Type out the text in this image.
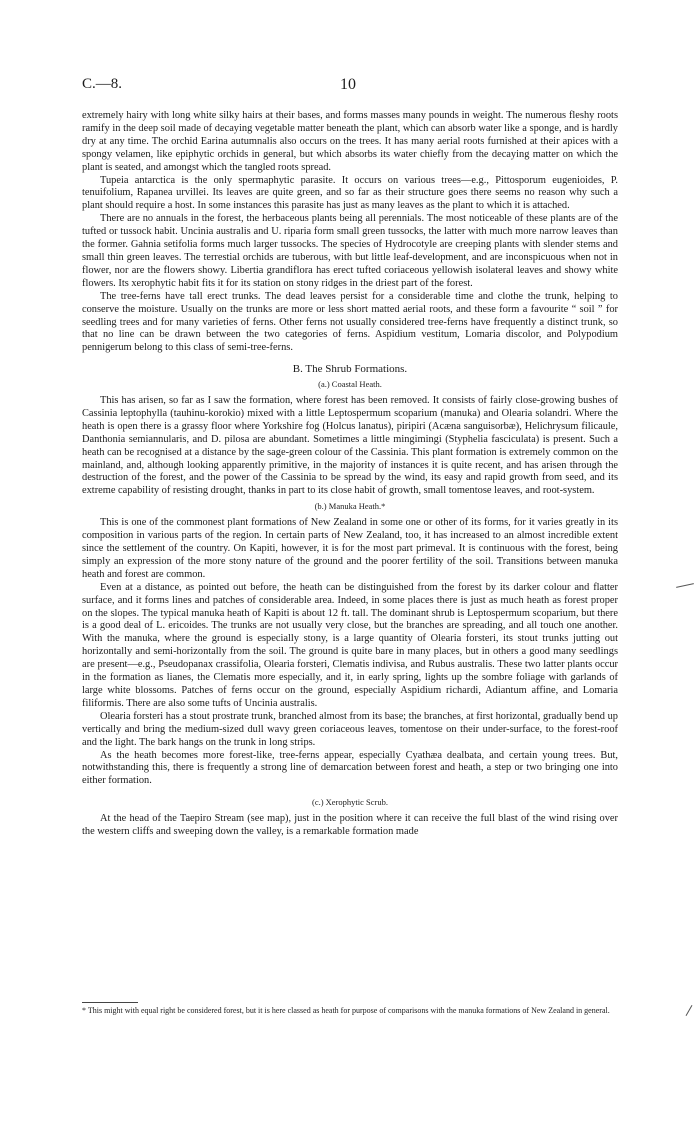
C.—8.	10

extremely hairy with long white silky hairs at their bases, and forms masses many pounds in weight. The numerous fleshy roots ramify in the deep soil made of decaying vegetable matter beneath the plant, which can absorb water like a sponge, and is hardly dry at any time. The orchid Earina autumnalis also occurs on the trees. It has many aerial roots furnished at their apices with a spongy velamen, like epiphytic orchids in general, but which absorbs its water chiefly from the decaying matter on which the plant is seated, and amongst which the tangled roots spread.

Tupeia antarctica is the only spermaphytic parasite. It occurs on various trees—e.g., Pittosporum eugenioides, P. tenuifolium, Rapanea urvillei. Its leaves are quite green, and so far as their structure goes there seems no reason why such a plant should require a host. In some instances this parasite has just as many leaves as the plant to which it is attached.

There are no annuals in the forest, the herbaceous plants being all perennials. The most noticeable of these plants are of the tufted or tussock habit. Uncinia australis and U. riparia form small green tussocks, the latter with much more narrow leaves than the former. Gahnia setifolia forms much larger tussocks. The species of Hydrocotyle are creeping plants with slender stems and small thin green leaves. The terrestial orchids are tuberous, with but little leaf-development, and are inconspicuous when not in flower, nor are the flowers showy. Libertia grandiflora has erect tufted coriaceous yellowish isolateral leaves and showy white flowers. Its xerophytic habit fits it for its station on stony ridges in the driest part of the forest.

The tree-ferns have tall erect trunks. The dead leaves persist for a considerable time and clothe the trunk, helping to conserve the moisture. Usually on the trunks are more or less short matted aerial roots, and these form a favourite “ soil ” for seedling trees and for many varieties of ferns. Other ferns not usually considered tree-ferns have frequently a distinct trunk, so that no line can be drawn between the two categories of ferns. Aspidium vestitum, Lomaria discolor, and Polypodium pennigerum belong to this class of semi-tree-ferns.

B. The Shrub Formations.
(a.) Coastal Heath.

This has arisen, so far as I saw the formation, where forest has been removed. It consists of fairly close-growing bushes of Cassinia leptophylla (tauhinu-korokio) mixed with a little Leptospermum scoparium (manuka) and Olearia solandri. Where the heath is open there is a grassy floor where Yorkshire fog (Holcus lanatus), piripiri (Acæna sanguisorbæ), Helichrysum filicaule, Danthonia semiannularis, and D. pilosa are abundant. Sometimes a little mingimingi (Styphelia fasciculata) is present. Such a heath can be recognised at a distance by the sage-green colour of the Cassinia. This plant formation is extremely common on the mainland, and, although looking apparently primitive, in the majority of instances it is quite recent, and has arisen through the destruction of the forest, and the power of the Cassinia to be spread by the wind, its easy and rapid growth from seed, and its extreme capability of resisting drought, thanks in part to its close habit of growth, small tomentose leaves, and root-system.

(b.) Manuka Heath.*

This is one of the commonest plant formations of New Zealand in some one or other of its forms, for it varies greatly in its composition in various parts of the region. In certain parts of New Zealand, too, it has increased to an almost incredible extent since the settlement of the country. On Kapiti, however, it is for the most part primeval. It is continuous with the forest, being simply an expression of the more stony nature of the ground and the poorer fertility of the soil. Transitions between manuka heath and forest are common.

Even at a distance, as pointed out before, the heath can be distinguished from the forest by its darker colour and flatter surface, and it forms lines and patches of considerable area. Indeed, in some places there is just as much heath as forest proper on the slopes. The typical manuka heath of Kapiti is about 12 ft. tall. The dominant shrub is Leptospermum scoparium, but there is a good deal of L. ericoides. The trunks are not usually very close, but the branches are spreading, and all touch one another. With the manuka, where the ground is especially stony, is a large quantity of Olearia forsteri, its stout trunks jutting out horizontally and semi-horizontally from the soil. The ground is quite bare in many places, but in others a good many seedlings are present—e.g., Pseudopanax crassifolia, Olearia forsteri, Clematis indivisa, and Rubus australis. These two latter plants occur in the formation as lianes, the Clematis more especially, and it, in early spring, lights up the sombre foliage with garlands of large white blossoms. Patches of ferns occur on the ground, especially Aspidium richardi, Adiantum affine, and Lomaria filiformis. There are also some tufts of Uncinia australis.

Olearia forsteri has a stout prostrate trunk, branched almost from its base; the branches, at first horizontal, gradually bend up vertically and bring the medium-sized dull wavy green coriaceous leaves, tomentose on their under-surface, to the forest-roof and the light. The bark hangs on the trunk in long strips.

As the heath becomes more forest-like, tree-ferns appear, especially Cyathæa dealbata, and certain young trees. But, notwithstanding this, there is frequently a strong line of demarcation between forest and heath, a step or two bringing one into either formation.

(c.) Xerophytic Scrub.

At the head of the Taepiro Stream (see map), just in the position where it can receive the full blast of the wind rising over the western cliffs and sweeping down the valley, is a remarkable formation made

* This might with equal right be considered forest, but it is here classed as heath for purpose of comparisons with the manuka formations of New Zealand in general.
